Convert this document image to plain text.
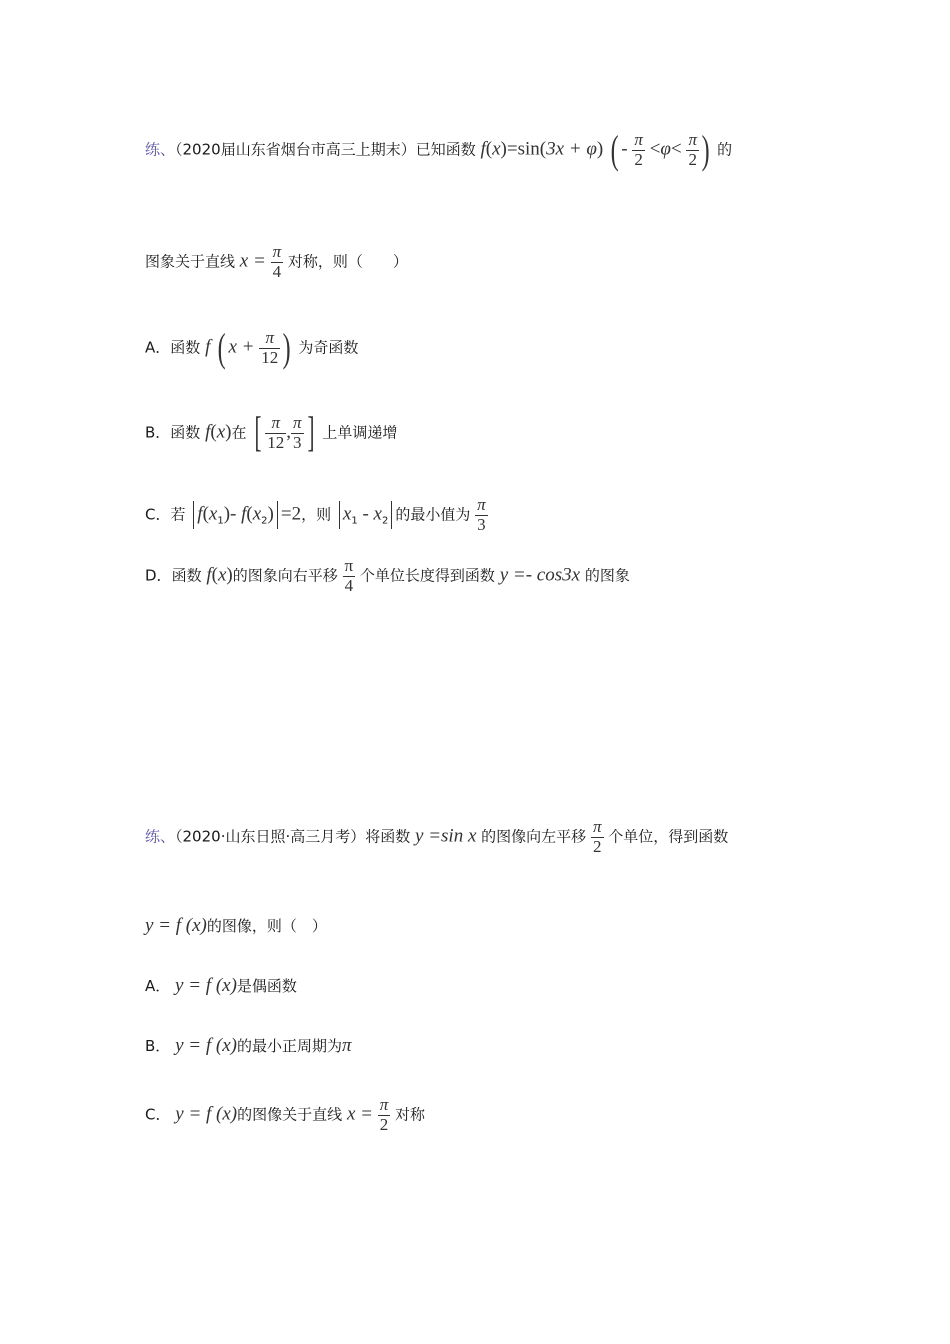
练、（2020届山东省烟台市高三上期末）已知函数 f(x)=sin(3x + φ) ( - $\frac{\pi}{2} <\varphi< \frac{\pi}{2}$ ) 的
图象关于直线 $x = \frac{\pi}{4}$ 对称，则（　　）
A．函数 f ( $x + \frac{\pi}{12}$ ) 为奇函数
B．函数 f(x)在 [ $\frac{\pi}{12}$ , $\frac{\pi}{3}$ ] 上单调递增
C．若 $f(x_1)-$ $f(x_2) =2$，则 $x_1 - x_2$ 的最小值为 $\frac{\pi}{3}$
D．函数 f(x)的图象向右平移 $\frac{\pi}{4}$ 个单位长度得到函数 y =- cos3x 的图象
练、（2020·山东日照·高三月考）将函数 y =sin x 的图像向左平移 $\frac{\pi}{2}$ 个单位，得到函数
y = f (x)的图像，则（　）
A． y = f (x)是偶函数
B． y = f (x)的最小正周期为π
C． y = f (x)的图像关于直线 $x = \frac{\pi}{2}$ 对称
